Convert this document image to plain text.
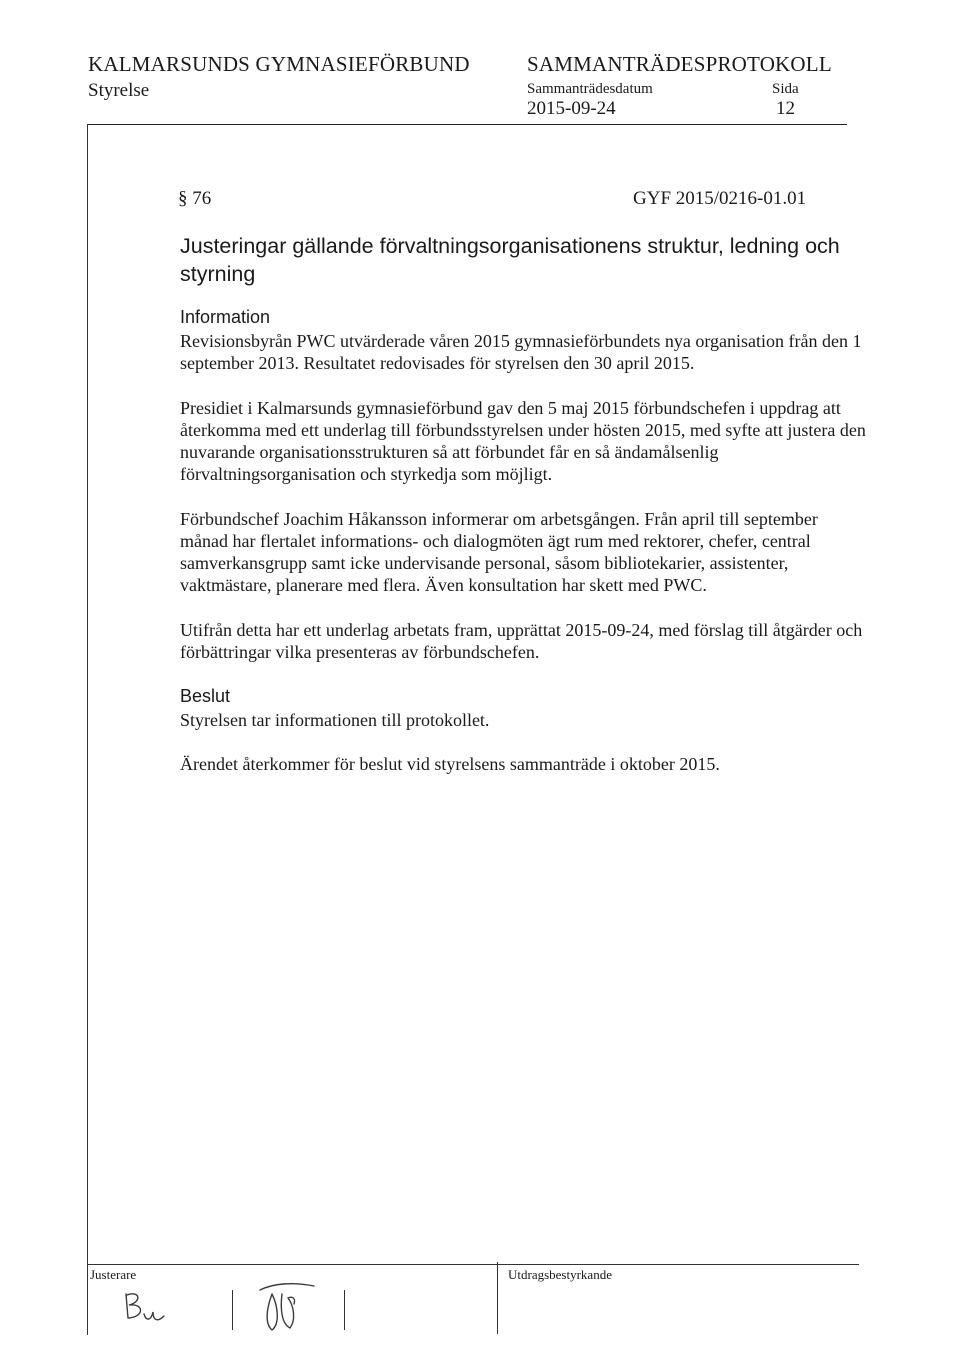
KALMARSUNDS GYMNASIEFÖRBUND
Styrelse
SAMMANTRÄDESPROTOKOLL
Sammanträdesdatum	Sida
2015-09-24	12
§ 76	GYF 2015/0216-01.01
Justeringar gällande förvaltningsorganisationens struktur, ledning och styrning
Information
Revisionsbyrån PWC utvärderade våren 2015 gymnasieförbundets nya organisation från den 1 september 2013. Resultatet redovisades för styrelsen den 30 april 2015.
Presidiet i Kalmarsunds gymnasieförbund gav den 5 maj 2015 förbundschefen i uppdrag att återkomma med ett underlag till förbundsstyrelsen under hösten 2015, med syfte att justera den nuvarande organisationsstrukturen så att förbundet får en så ändamålsenlig förvaltningsorganisation och styrkedja som möjligt.
Förbundschef Joachim Håkansson informerar om arbetsgången. Från april till september månad har flertalet informations- och dialogmöten ägt rum med rektorer, chefer, central samverkansgrupp samt icke undervisande personal, såsom bibliotekarier, assistenter, vaktmästare, planerare med flera. Även konsultation har skett med PWC.
Utifrån detta har ett underlag arbetats fram, upprättat 2015-09-24, med förslag till åtgärder och förbättringar vilka presenteras av förbundschefen.
Beslut
Styrelsen tar informationen till protokollet.
Ärendet återkommer för beslut vid styrelsens sammanträde i oktober 2015.
Justerare	Utdragsbestyrkande
